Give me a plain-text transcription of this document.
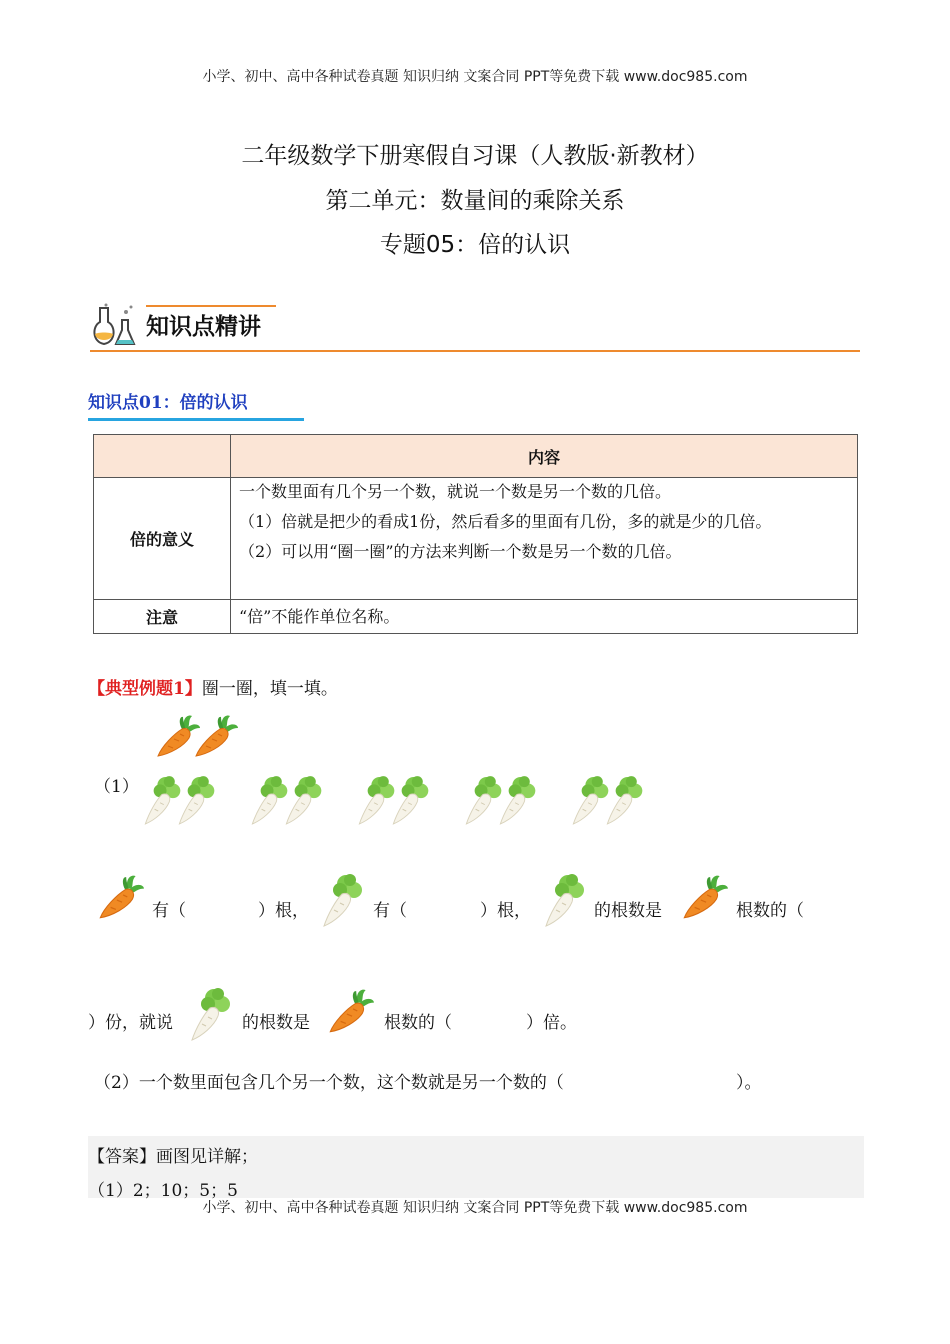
小学、初中、高中各种试卷真题 知识归纳 文案合同 PPT等免费下载 www.doc985.com
二年级数学下册寒假自习课（人教版·新教材）
第二单元：数量间的乘除关系
专题05：倍的认识
知识点精讲
知识点01：倍的认识
	内容
倍的意义	一个数里面有几个另一个数，就说一个数是另一个数的几倍。

（1）倍就是把少的看成1份，然后看多的里面有几份，多的就是少的几倍。

（2）可以用“圈一圈”的方法来判断一个数是另一个数的几倍。

注意	“倍”不能作单位名称。

【典型例题1】圈一圈，填一填。
（1）
有（	）根，	有（	）根，	的根数是	根数的（
）份，就说	的根数是	根数的（	）倍。
（2）一个数里面包含几个另一个数，这个数就是另一个数的（	）。
【答案】画图见详解；
（1）2；10；5；5
小学、初中、高中各种试卷真题 知识归纳 文案合同 PPT等免费下载 www.doc985.com
